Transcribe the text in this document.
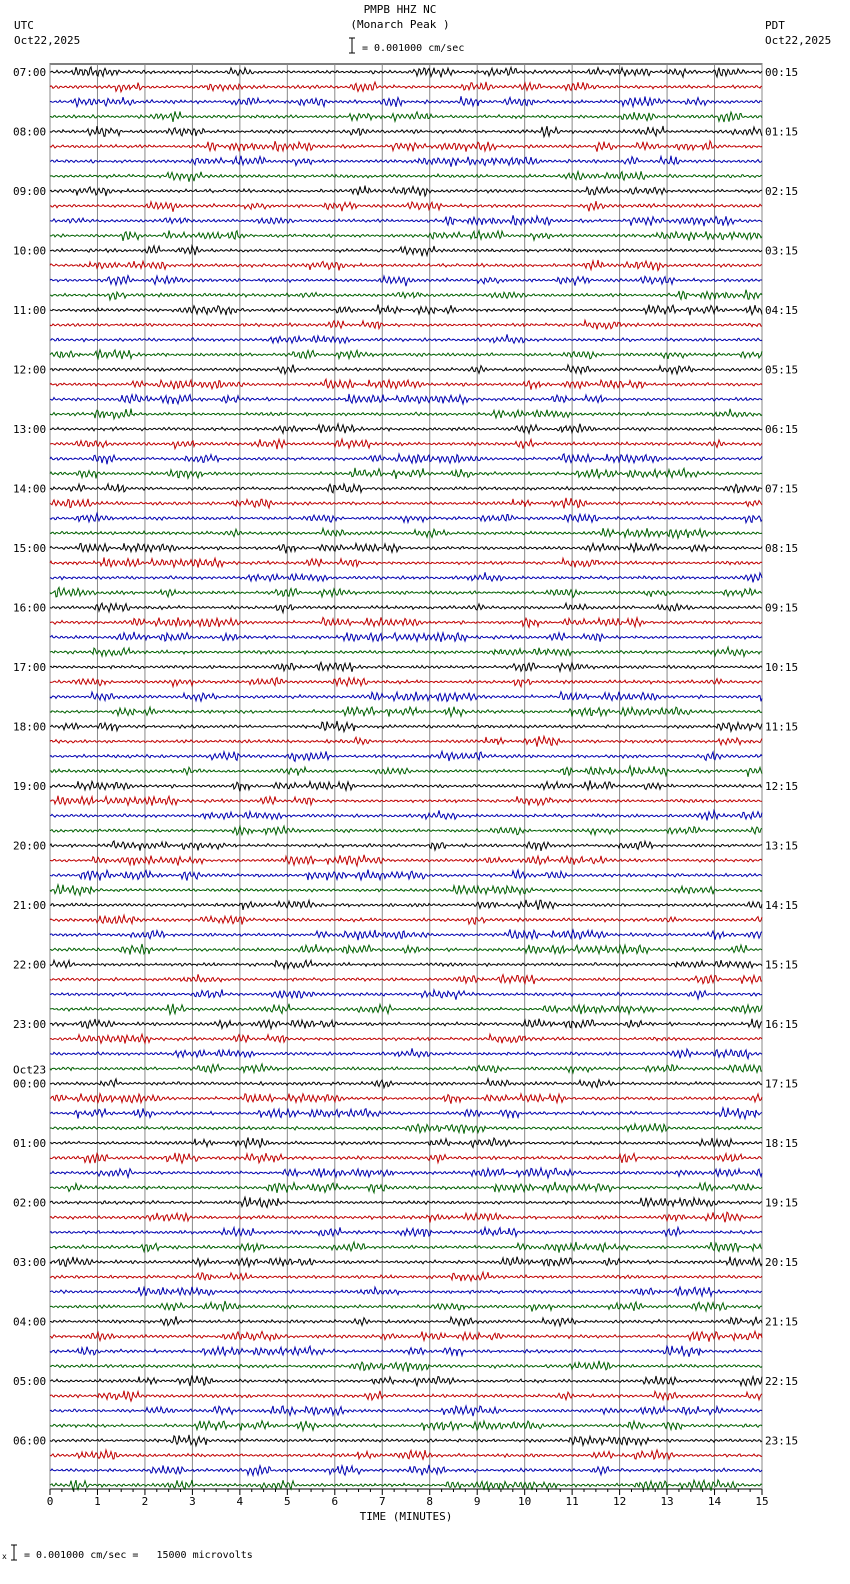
PMPB HHZ NC
(Monarch Peak )
UTC
Oct22,2025
PDT
Oct22,2025
= 0.001000 cm/sec
07:00
08:00
09:00
10:00
11:00
12:00
13:00
14:00
15:00
16:00
17:00
18:00
19:00
20:00
21:00
22:00
23:00
00:00
Oct23
01:00
02:00
03:00
04:00
05:00
06:00
00:15
01:15
02:15
03:15
04:15
05:15
06:15
07:15
08:15
09:15
10:15
11:15
12:15
13:15
14:15
15:15
16:15
17:15
18:15
19:15
20:15
21:15
22:15
23:15
0	1	2	3	4	5	6	7	8	9	10	11	12	13	14	15
TIME (MINUTES)
x = 0.001000 cm/sec =   15000 microvolts
